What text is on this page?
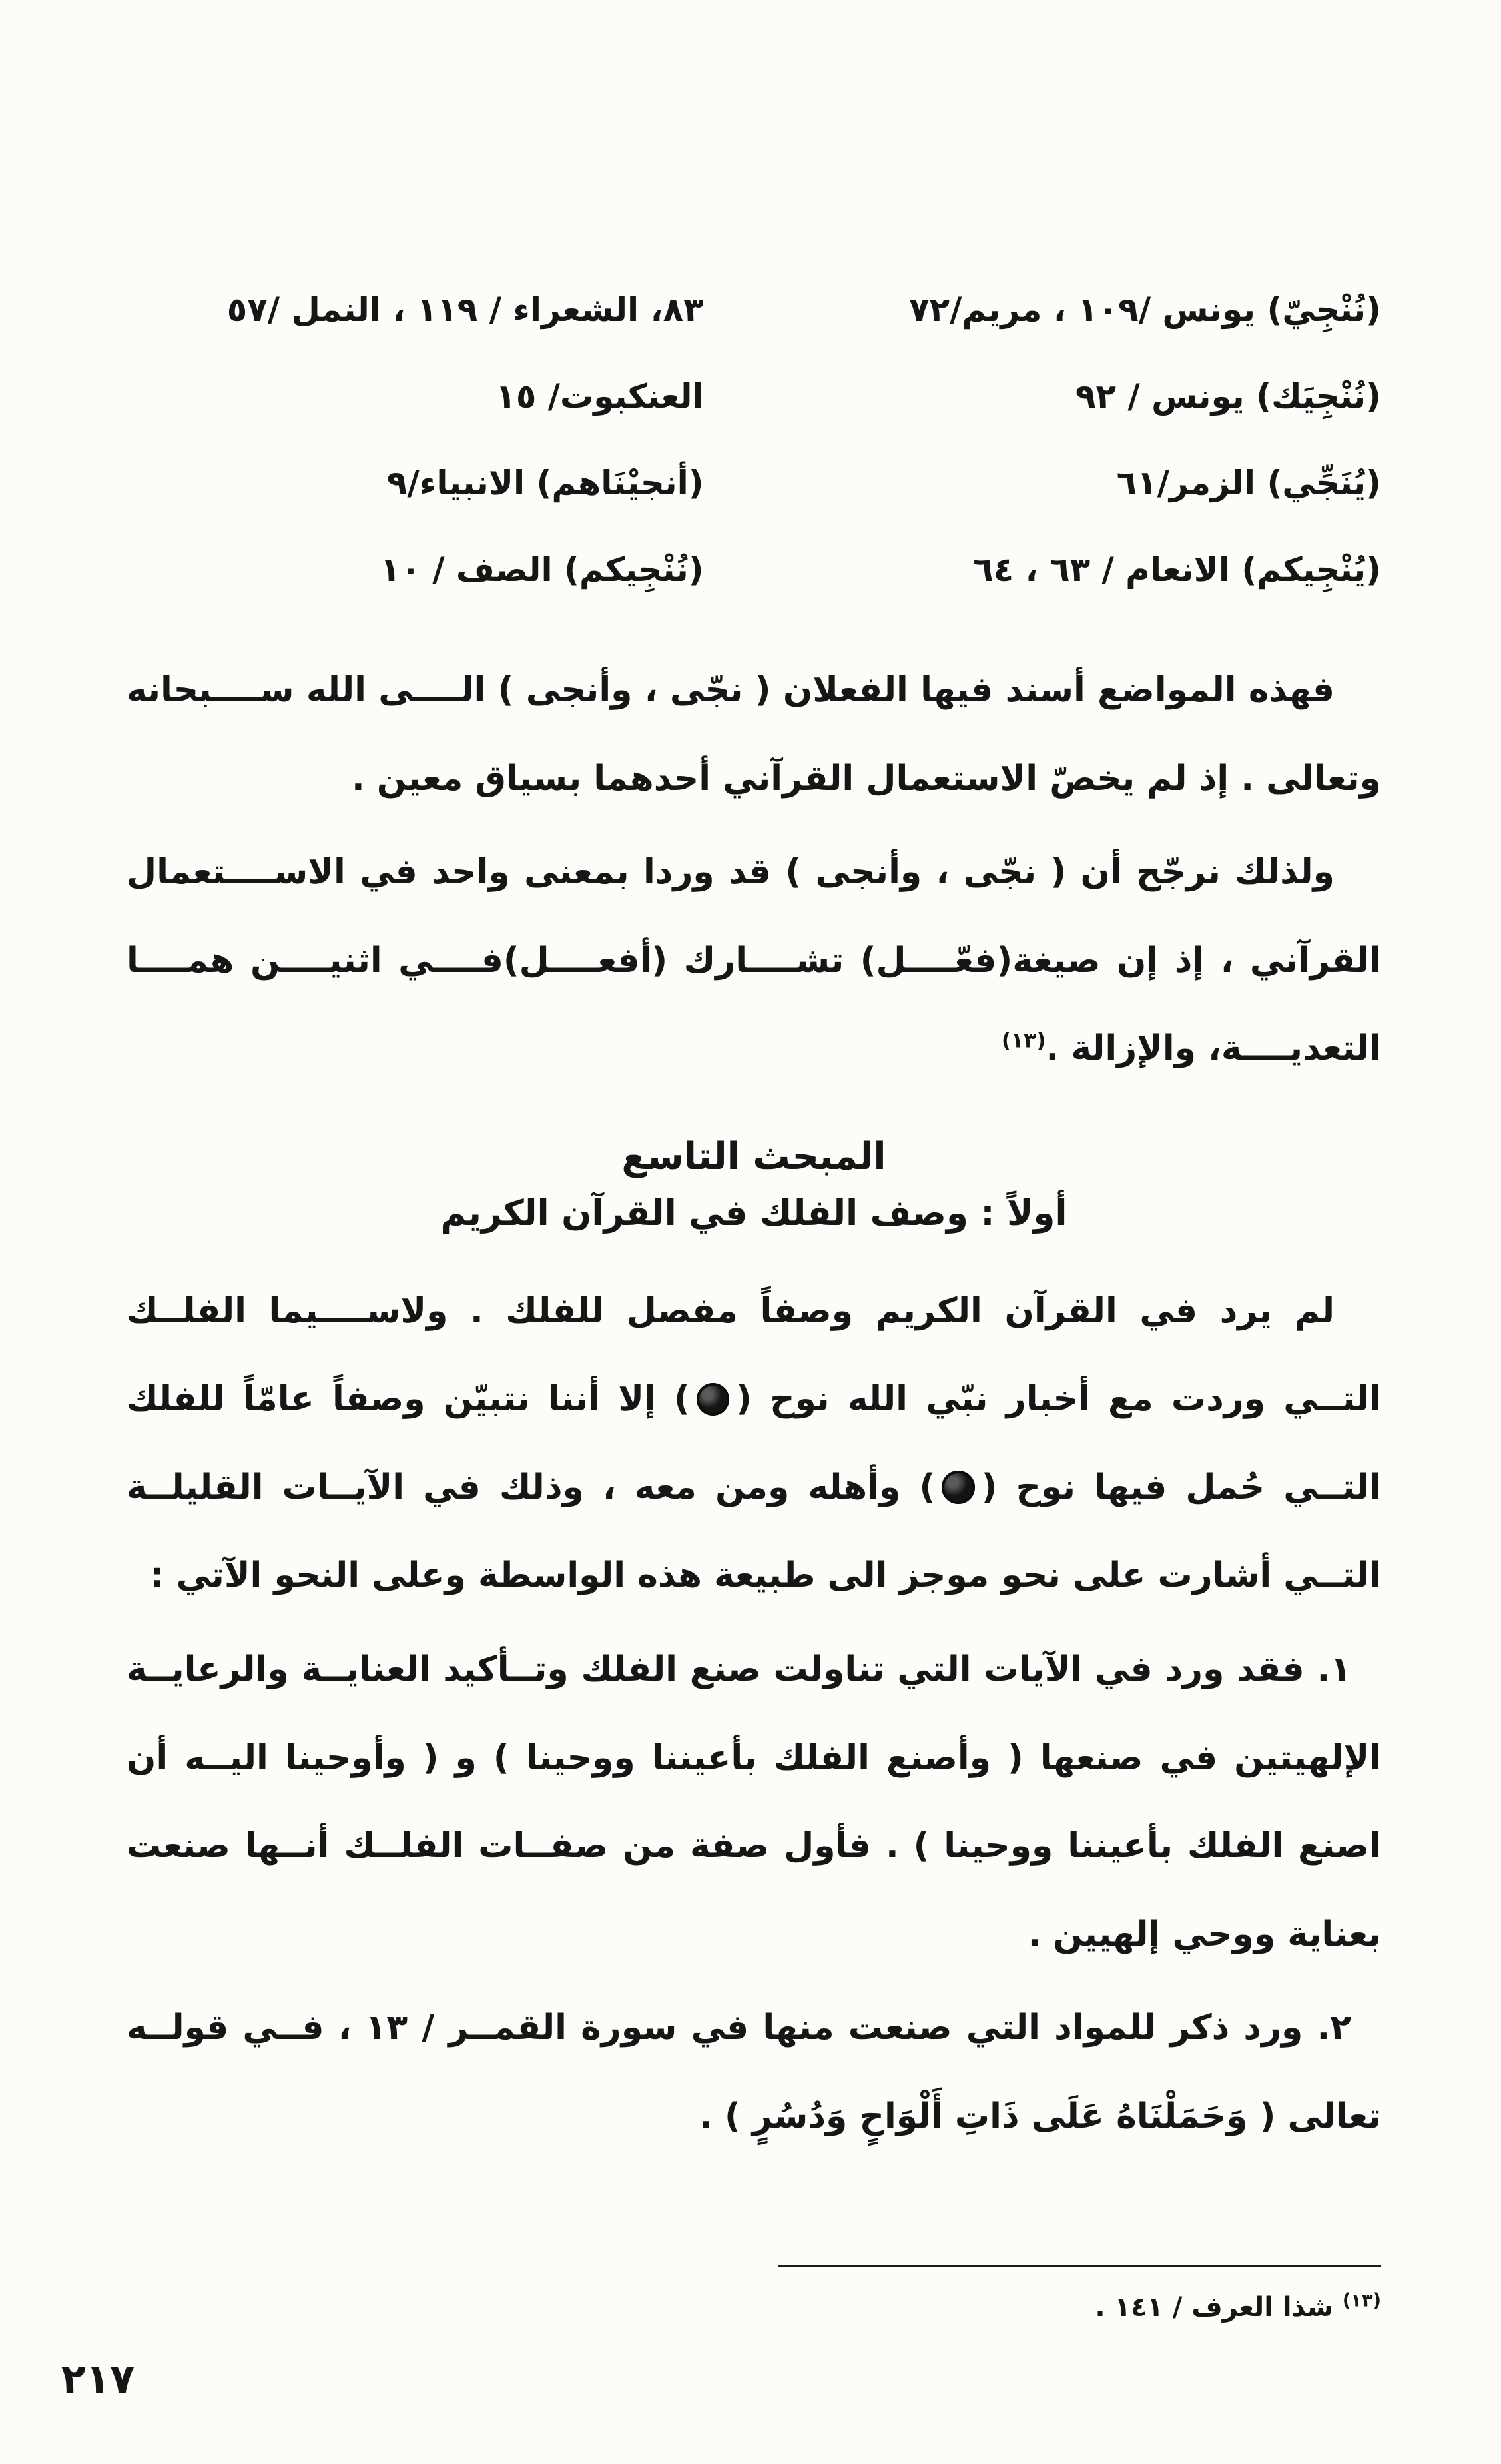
(نُنْجِيّ) يونس /١٠٩ ، مريم/٧٢
٨٣، الشعراء / ١١٩ ، النمل /٥٧
(نُنْجِيَك) يونس / ٩٢
العنكبوت/ ١٥
(يُنَجِّي) الزمر/٦١
(أنجيْنَاهم) الانبياء/٩
(يُنْجِيكم) الانعام / ٦٣ ، ٦٤
(نُنْجِيكم) الصف / ١٠

فهذه المواضع أسند فيها الفعلان ( نجّى ، وأنجى ) الــــى الله ســــبحانه وتعالى . إذ لم يخصّ الاستعمال القرآني أحدهما بسياق معين .

ولذلك نرجّح أن ( نجّى ، وأنجى ) قد وردا بمعنى واحد في الاســــتعمال القرآني ، إذ إن صيغة(فعّــــل) تشــــارك (أفعــــل)فــــي اثنيــــن همــــا التعديــــة، والإزالة .$^{(١٣)}$

المبحث التاسع
أولاً : وصف الفلك في القرآن الكريم

لم يرد في القرآن الكريم وصفاً مفصل للفلك . ولاســــيما الفلــك التــي وردت مع أخبار نبّي الله نوح () إلا أننا نتبيّن وصفاً عامّاً للفلك التــي حُمل فيها نوح () وأهله ومن معه ، وذلك في الآيــات القليلــة التــي أشارت على نحو موجز الى طبيعة هذه الواسطة وعلى النحو الآتي :

١. فقد ورد في الآيات التي تناولت صنع الفلك وتــأكيد العنايــة والرعايــة الإلهيتين في صنعها ( وأصنع الفلك بأعيننا ووحينا ) و ( وأوحينا اليــه أن اصنع الفلك بأعيننا ووحينا ) . فأول صفة من صفــات الفلــك أنــها صنعت بعناية ووحي إلهيين .

٢. ورد ذكر للمواد التي صنعت منها في سورة القمــر / ١٣ ، فــي قولــه تعالى ( وَحَمَلْنَاهُ عَلَى ذَاتِ أَلْوَاحٍ وَدُسُرٍ ) .

$^{(١٣)}$ شذا العرف / ١٤١ .
٢١٧
